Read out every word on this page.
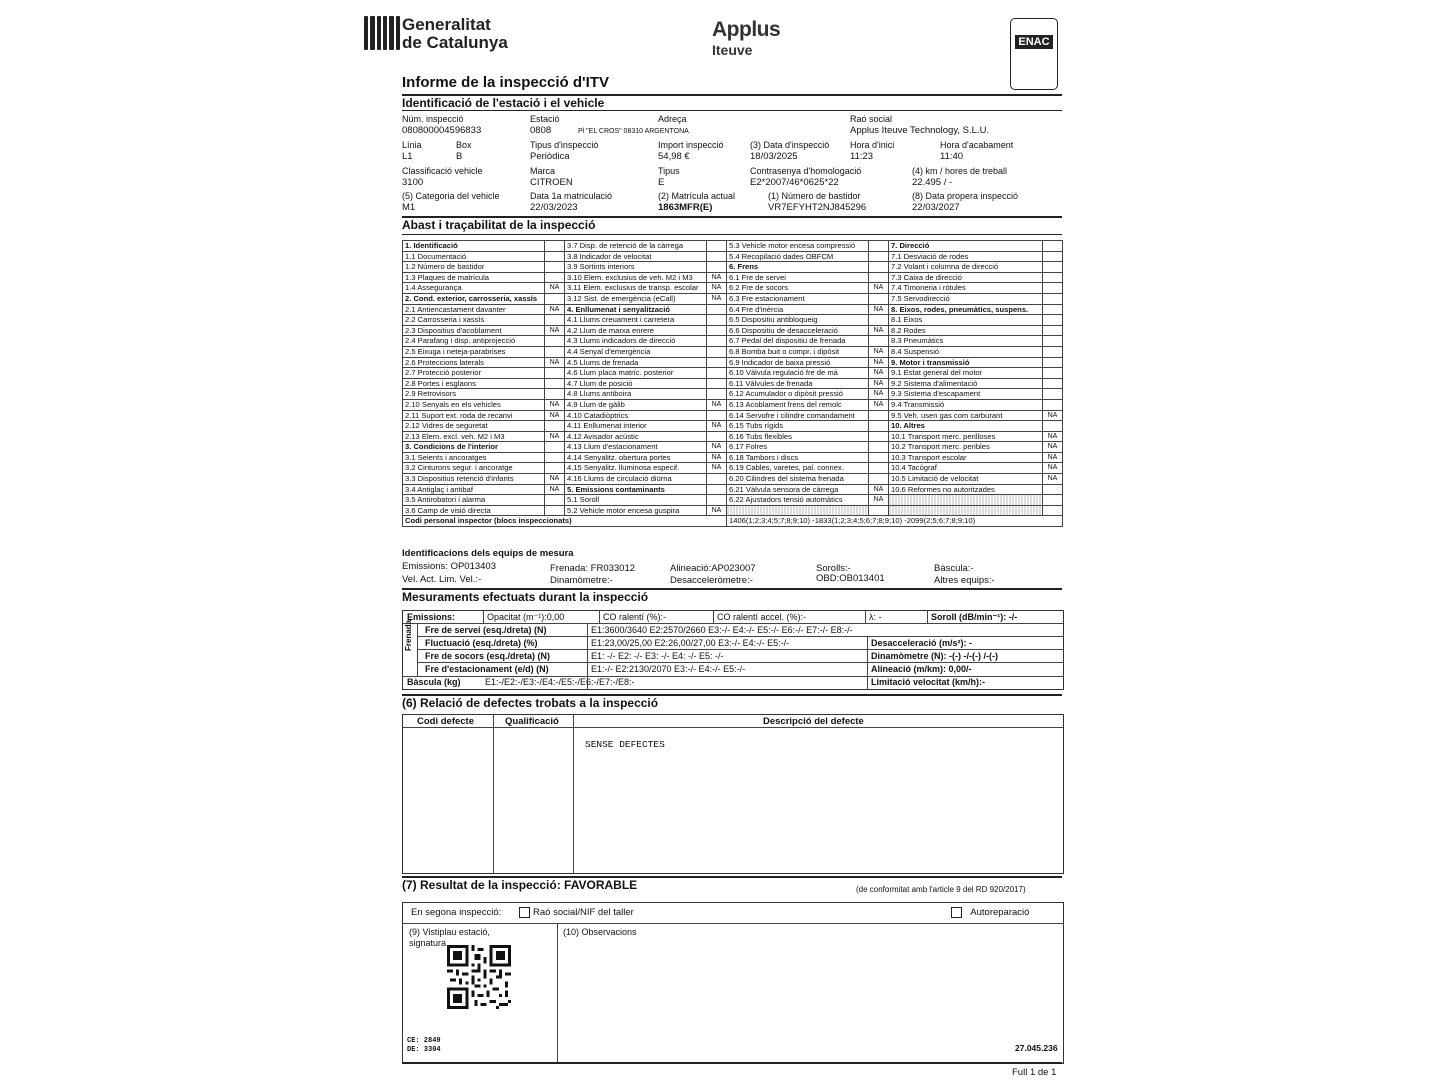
Generalitat
de Catalunya
Applus
Iteuve	ENAC

Informe de la inspecció d'ITV
Identificació de l'estació i el vehicle
Núm. inspecció
080800004596833
Estació
0808
Adreça
Pl "EL CROS" 08310 ARGENTONA
Raó social
Applus Iteuve Technology, S.L.U.
Línia
L1
Box
B
Tipus d'inspecció
Periòdica
Import inspecció
54,98 €
(3) Data d'inspecció
18/03/2025
Hora d'inici
11:23
Hora d'acabament
11:40
Classificació vehicle
3100
Marca
CITROEN
Tipus
E
Contrasenya d'homologació
E2*2007/46*0625*22
(4) km / hores de treball
22.495 / -
(5) Categoria del vehicle
M1
Data 1a matriculació
22/03/2023
(2) Matrícula actual
1863MFR(E)
(1) Número de bastidor
VR7EFYHT2NJ845296
(8) Data propera inspecció
22/03/2027
Abast i traçabilitat de la inspecció
1. Identificació		3.7 Disp. de retenció de la càrrega		5.3 Vehicle motor encesa compressió		7. Direcció	
1.1 Documentació		3.8 Indicador de velocitat		5.4 Recopilació dades OBFCM		7.1 Desviació de rodes	
1.2 Número de bastidor		3.9 Sortints interiors		6. Frens		7.2 Volant i columna de direcció	
1.3 Plaques de matrícula		3.10 Elem. exclusius de veh. M2 i M3	NA	6.1 Fre de servei		7.3 Caixa de direcció	
1.4 Assegurança	NA	3.11 Elem. exclusius de transp. escolar	NA	6.2 Fre de socors	NA	7.4 Timoneria i ròtules	
2. Cond. exterior, carrosseria, xassís		3.12 Sist. de emergència (eCall)	NA	6.3 Fre estacionament		7.5 Servodirecció	
2.1 Antiencastament davanter	NA	4. Enllumenat i senyalització		6.4 Fre d'inèrcia	NA	8. Eixos, rodes, pneumàtics, suspens.	
2.2 Carrosseria i xassís		4.1 Llums creuament i carretera		6.5 Dispositiu antibloqueig		8.1 Eixos	
2.3 Dispositius d'acoblament	NA	4.2 Llum de marxa enrere		6.6 Dispositiu de desacceleració	NA	8.2 Rodes	
2.4 Parafang i disp. antiprojecció		4.3 Llums indicadors de direcció		6.7 Pedal del dispositiu de frenada		8.3 Pneumàtics	
2.5 Eixuga i neteja-parabrises		4.4 Senyal d'emergència		6.8 Bomba buit o compr. i dipòsit	NA	8.4 Suspensió	
2.6 Proteccions laterals	NA	4.5 Llums de frenada		6.9 Indicador de baixa pressió	NA	9. Motor i transmissió	
2.7 Protecció posterior		4.6 Llum placa matríc. posterior		6.10 Vàlvula regulació fre de mà	NA	9.1 Estat general del motor	
2.8 Portes i esglaons		4.7 Llum de posició		6.11 Vàlvules de frenada	NA	9.2 Sistema d'alimentació	
2.9 Retrovisors		4.8 Llums antiboira		6.12 Acumulador o dipòsit pressió	NA	9.3 Sistema d'escapament	
2.10 Senyals en els vehicles	NA	4.9 Llum de gàlib	NA	6.13 Acoblament frens del remolc	NA	9.4 Transmissió	
2.11 Suport ext. roda de recanvi	NA	4.10 Catadiòptrics		6.14 Servofre i cilindre comandament		9.5 Veh. usen gas com carburant	NA
2.12 Vidres de seguretat		4.11 Enllumenat interior	NA	6.15 Tubs rígids		10. Altres	
2.13 Elem. excl. veh. M2 i M3	NA	4.12 Avisador acústic		6.16 Tubs flexibles		10.1 Transport merc. perilloses	NA
3. Condicions de l'interior		4.13 Llum d'estacionament	NA	6.17 Folres		10.2 Transport merc. peribles	NA
3.1 Seients i ancoratges		4.14 Senyalitz. obertura portes	NA	6.18 Tambors i discs		10.3 Transport escolar	NA
3.2 Cinturons segur. i ancoratge		4.15 Senyalitz. lluminosa especif.	NA	6.19 Cables, varetes, pal. connex.		10.4 Tacògraf	NA
3.3 Dispositius retenció d'infants	NA	4.16 Llums de circulació diürna		6.20 Cilindres del sistema frenada		10.5 Limitació de velocitat	NA
3.4 Antiglaç i antibaf	NA	5. Emissions contaminants		6.21 Vàlvula sensora de càrrega	NA	10.6 Reformes no autoritzades	
3.5 Antirobatori i alarma		5.1 Soroll		6.22 Ajustadors tensió automàtics	NA		
3.6 Camp de visió directa		5.2 Vehicle motor encesa guspira	NA				
Codi personal inspector (blocs inspeccionats)				1406(1;2;3;4;5;7;8;9;10) -1833(1;2;3;4;5;6;7;8;9;10) -2099(2;5;6;7;8;9;10)			
Identificacions dels equips de mesura
Emissions: OP013403	Frenada: FR033012	Alineació:AP023007	Sorolls:-	Bàscula:-
Vel. Act. Lim. Vel.:-	Dinamòmetre:-	Desacceleròmetre:-	OBD:OB013401	Altres equips:-
Mesuraments efectuats durant la inspecció
Emissions:	Opacitat (m⁻¹):0,00	CO ralentí (%):-	CO ralentí accel. (%):-	λ: -	Soroll (dB/min⁻¹): -/-
Frenada Fre de servei (esq./dreta) (N)	E1:3600/3640 E2:2570/2660 E3:-/- E4:-/- E5:-/- E6:-/- E7:-/- E8:-/-
Fluctuació (esq./dreta) (%)	E1:23,00/25,00 E2:26,00/27,00 E3:-/- E4:-/- E5:-/-	Desacceleració (m/s²): -
Fre de socors (esq./dreta) (N)	E1: -/- E2: -/- E3: -/- E4: -/- E5: -/-	Dinamòmetre (N): -(-) -/-(-) /-(-)
Fre d'estacionament (e/d) (N)	E1:-/- E2:2130/2070 E3:-/- E4:-/- E5:-/-	Alineació (m/km): 0,00/-
Bàscula (kg)	E1:-/E2:-/E3:-/E4:-/E5:-/E6:-/E7:-/E8:-	Limitació velocitat (km/h):-
(6) Relació de defectes trobats a la inspecció
Codi defecte	Qualificació	Descripció del defecte
SENSE DEFECTES
(7) Resultat de la inspecció: FAVORABLE	(de conformitat amb l'article 9 del RD 920/2017)
En segona inspecció:	Raó social/NIF del taller	Autoreparació
(9) Vistiplau estació, signatura
(10) Observacions
CE: 2849
DE: 3304	27.045.236
Full 1 de 1
